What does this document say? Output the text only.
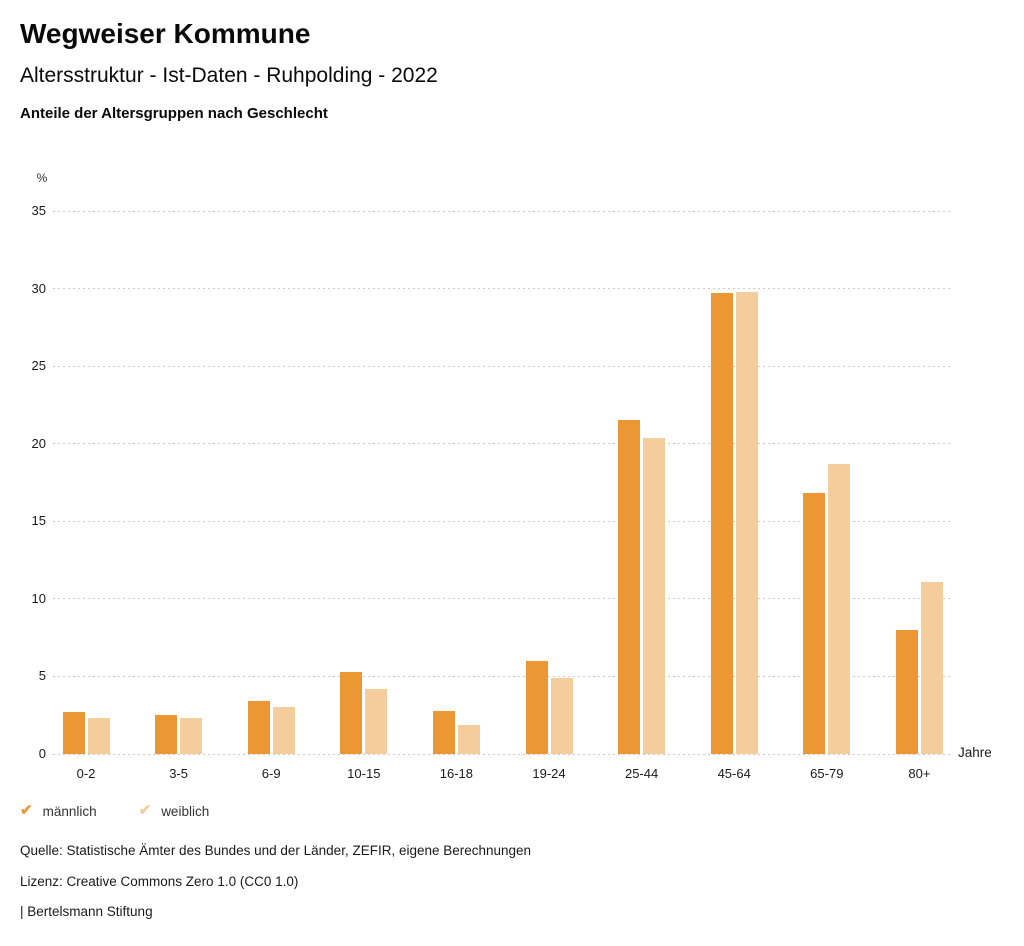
Wegweiser Kommune
Altersstruktur - Ist-Daten - Ruhpolding - 2022
Anteile der Altersgruppen nach Geschlecht
%
0
5
10
15
20
25
30
35
0-2	3-5	6-9	10-15	16-18	19-24	25-44	45-64	65-79	80+
Jahre
✔ männlich	✔ weiblich
Quelle: Statistische Ämter des Bundes und der Länder, ZEFIR, eigene Berechnungen
Lizenz: Creative Commons Zero 1.0 (CC0 1.0)
| Bertelsmann Stiftung
